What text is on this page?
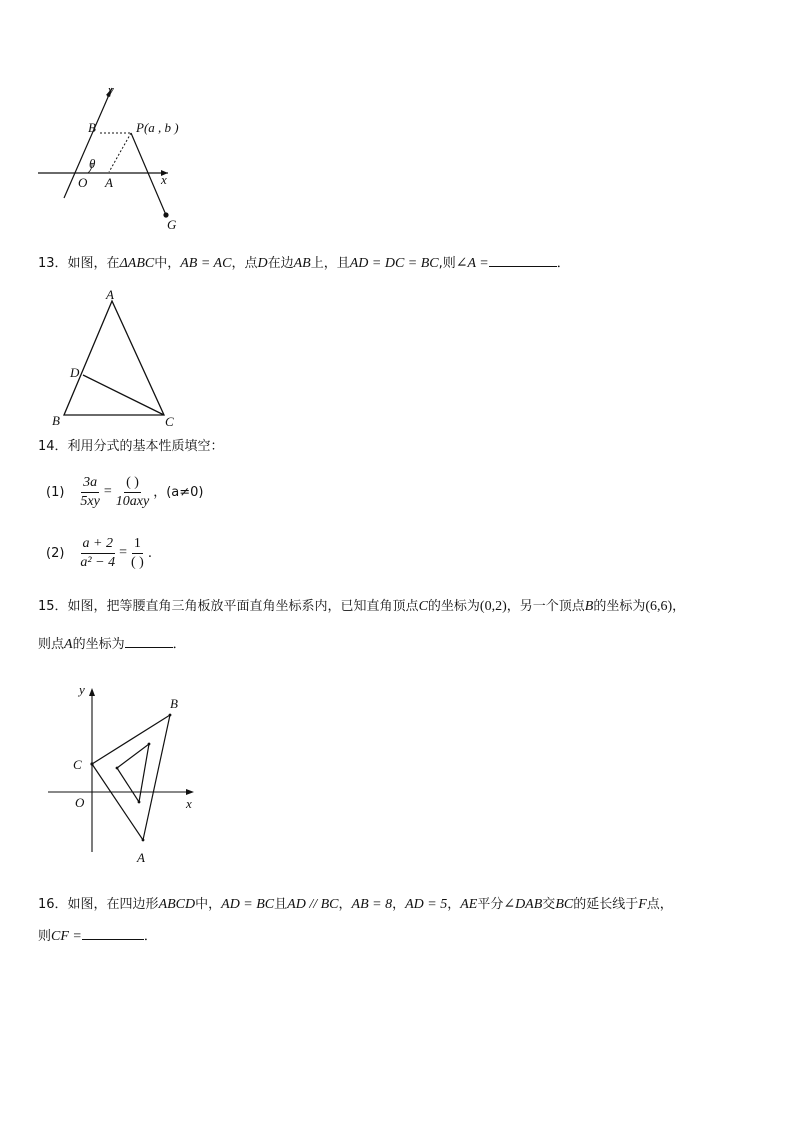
y
x
B	P(a , b )
θ
O A
G
13．如图，在ΔABC中，AB = AC，点D在边AB上，且AD = DC = BC,则∠A =	．
A
D
B	C
14．利用分式的基本性质填空：
$(1) \frac{3a}{5xy} = \frac{( )}{\text{10axy}}$ ，(a≠0)
$(2) \frac{a + 2}{\text{a² − 4}} = \frac{1}{( )}$ .
15．如图，把等腰直角三角板放平面直角坐标系内，已知直角顶点C的坐标为(0,2)，另一个顶点B的坐标为(6,6)，
则点A的坐标为	．
y
B
C
O	x
A
16．如图，在四边形ABCD中，AD = BC且AD // BC，AB = 8，AD = 5，AE平分∠DAB交BC的延长线于F点，
则CF =	．
